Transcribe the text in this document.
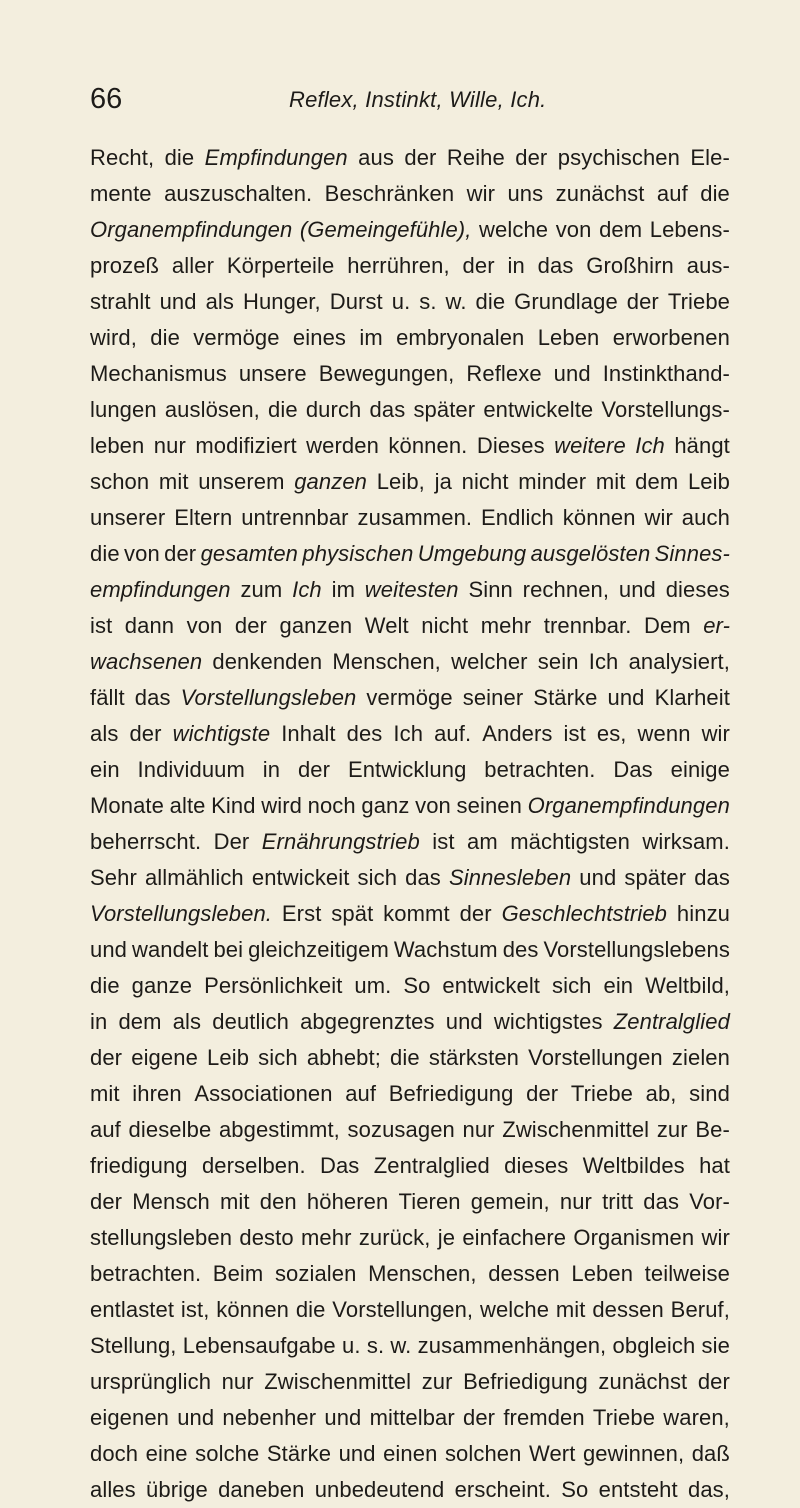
66	Reflex, Instinkt, Wille, Ich.
Recht, die Empfindungen aus der Reihe der psychischen Ele-
mente auszuschalten. Beschränken wir uns zunächst auf die
Organempfindungen (Gemeingefühle), welche von dem Lebens-
prozeß aller Körperteile herrühren, der in das Großhirn aus-
strahlt und als Hunger, Durst u. s. w. die Grundlage der Triebe
wird, die vermöge eines im embryonalen Leben erworbenen
Mechanismus unsere Bewegungen, Reflexe und Instinkthand-
lungen auslösen, die durch das später entwickelte Vorstellungs-
leben nur modifiziert werden können. Dieses weitere Ich hängt
schon mit unserem ganzen Leib, ja nicht minder mit dem Leib
unserer Eltern untrennbar zusammen. Endlich können wir auch
die von der gesamten physischen Umgebung ausgelösten Sinnes-
empfindungen zum Ich im weitesten Sinn rechnen, und dieses
ist dann von der ganzen Welt nicht mehr trennbar. Dem er-
wachsenen denkenden Menschen, welcher sein Ich analysiert,
fällt das Vorstellungsleben vermöge seiner Stärke und Klarheit
als der wichtigste Inhalt des Ich auf. Anders ist es, wenn wir
ein Individuum in der Entwicklung betrachten. Das einige
Monate alte Kind wird noch ganz von seinen Organempfindungen
beherrscht. Der Ernährungstrieb ist am mächtigsten wirksam.
Sehr allmählich entwickeit sich das Sinnesleben und später das
Vorstellungsleben. Erst spät kommt der Geschlechtstrieb hinzu
und wandelt bei gleichzeitigem Wachstum des Vorstellungslebens
die ganze Persönlichkeit um. So entwickelt sich ein Weltbild,
in dem als deutlich abgegrenztes und wichtigstes Zentralglied
der eigene Leib sich abhebt; die stärksten Vorstellungen zielen
mit ihren Associationen auf Befriedigung der Triebe ab, sind
auf dieselbe abgestimmt, sozusagen nur Zwischenmittel zur Be-
friedigung derselben. Das Zentralglied dieses Weltbildes hat
der Mensch mit den höheren Tieren gemein, nur tritt das Vor-
stellungsleben desto mehr zurück, je einfachere Organismen wir
betrachten. Beim sozialen Menschen, dessen Leben teilweise
entlastet ist, können die Vorstellungen, welche mit dessen Beruf,
Stellung, Lebensaufgabe u. s. w. zusammenhängen, obgleich sie
ursprünglich nur Zwischenmittel zur Befriedigung zunächst der
eigenen und nebenher und mittelbar der fremden Triebe waren,
doch eine solche Stärke und einen solchen Wert gewinnen, daß
alles übrige daneben unbedeutend erscheint. So entsteht das,
